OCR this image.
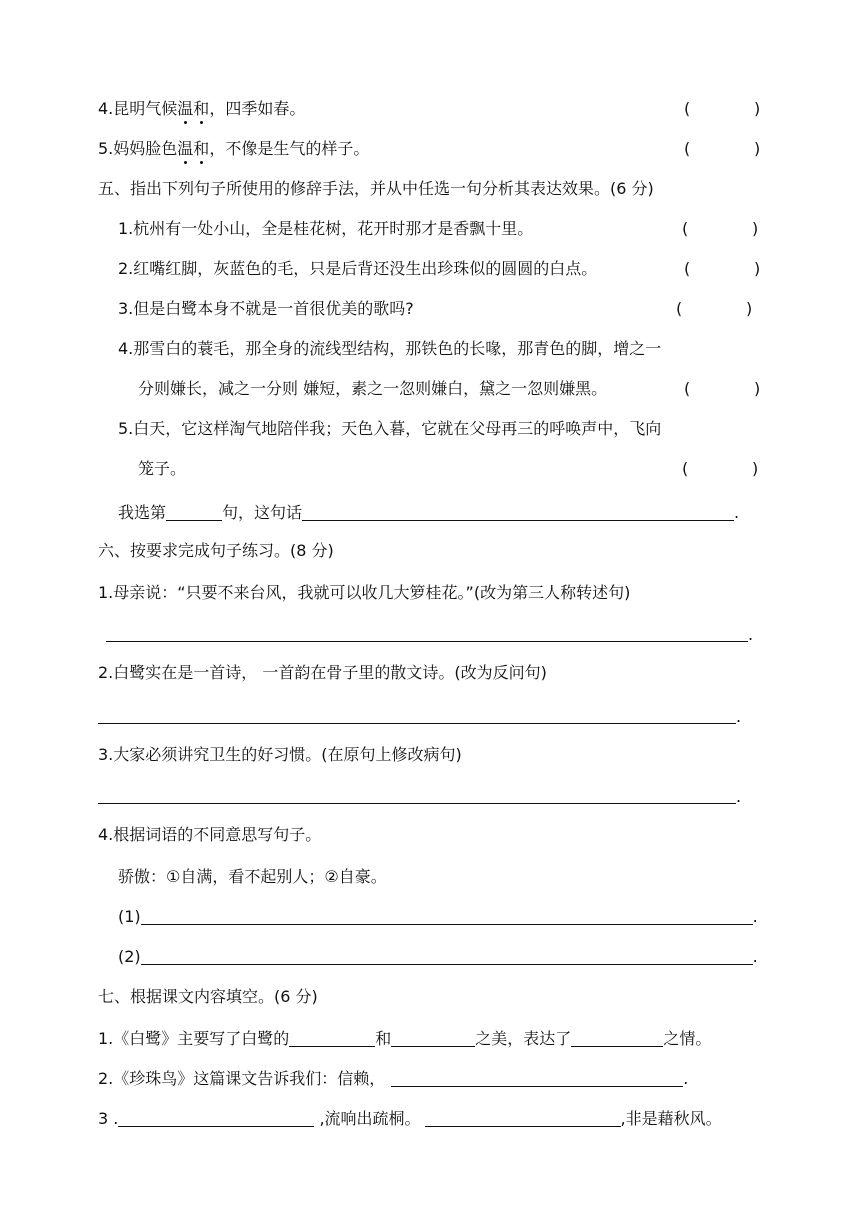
4.昆明气候温和，四季如春。	(	)
5.妈妈脸色温和，不像是生气的样子。	(	)
五、指出下列句子所使用的修辞手法，并从中任选一句分析其表达效果。(6 分)
1.杭州有一处小山，全是桂花树，花开时那才是香飘十里。	(	)
2.红嘴红脚，灰蓝色的毛，只是后背还没生出珍珠似的圆圆的白点。	(	)
3.但是白鹭本身不就是一首很优美的歌吗?	(	)
4.那雪白的蓑毛，那全身的流线型结构，那铁色的长喙，那青色的脚，增之一
分则嫌长，减之一分则 嫌短，素之一忽则嫌白，黛之一忽则嫌黑。	(	)
5.白天，它这样淘气地陪伴我；天色入暮，它就在父母再三的呼唤声中，飞向
笼子。	(	)
我选第	句，这句话	.
六、按要求完成句子练习。(8 分)
1.母亲说：“只要不来台风，我就可以收几大箩桂花。”(改为第三人称转述句)
.
2.白鹭实在是一首诗， 一首韵在骨子里的散文诗。(改为反问句)
.
3.大家必须讲究卫生的好习惯。(在原句上修改病句)
.
4.根据词语的不同意思写句子。
骄傲：①自满，看不起别人；②自豪。
(1)	.
(2)	.
七、根据课文内容填空。(6 分)
1.《白鹭》主要写了白鹭的	和	之美，表达了	之情。
2.《珍珠鸟》这篇课文告诉我们：信赖，	.
3 .	,流响出疏桐。	,非是藉秋风。
